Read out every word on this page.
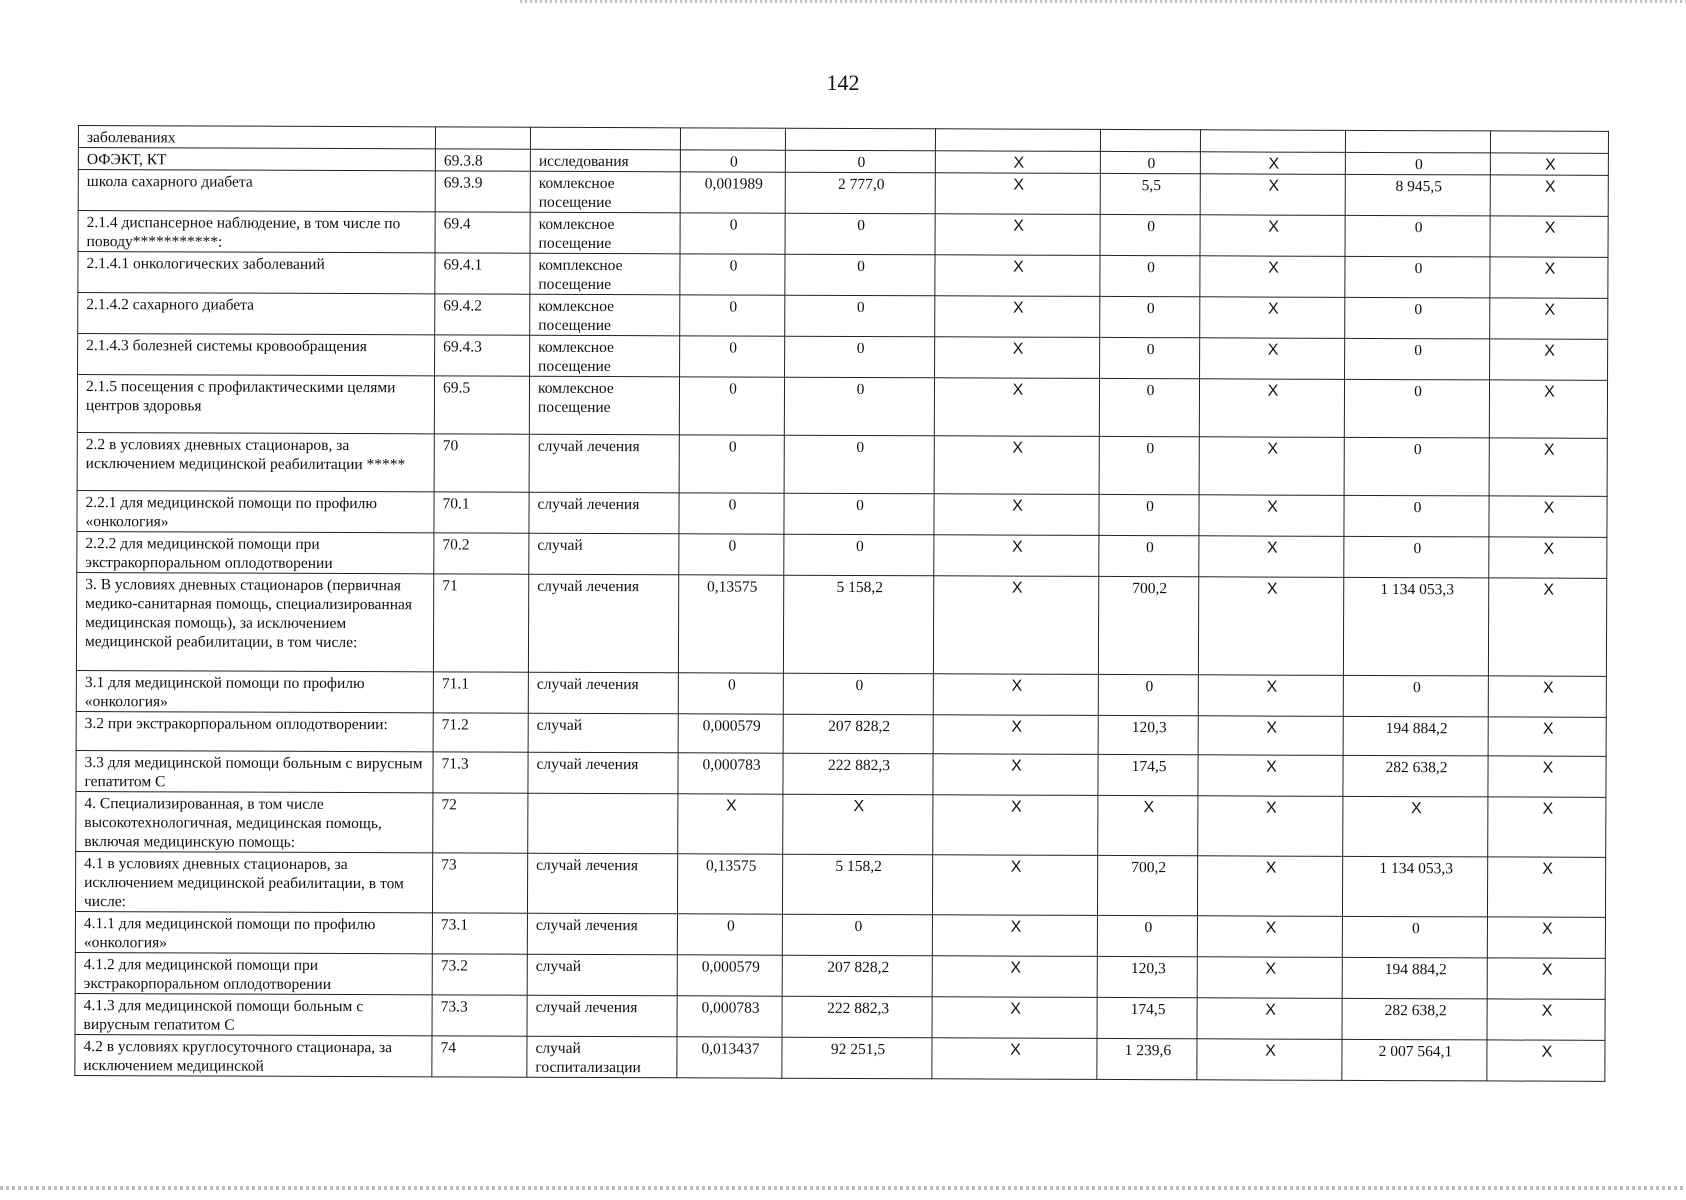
142
заболеваниях									
ОФЭКТ, КТ	69.3.8	исследования	0	0	X	0	X	0	X
школа сахарного диабета	69.3.9	комлексное посещение	0,001989	2 777,0	X	5,5	X	8 945,5	X
2.1.4 диспансерное наблюдение, в том числе по поводу***********:	69.4	комлексное посещение	0	0	X	0	X	0	X
2.1.4.1 онкологических заболеваний	69.4.1	комплексное посещение	0	0	X	0	X	0	X
2.1.4.2 сахарного диабета	69.4.2	комлексное посещение	0	0	X	0	X	0	X
2.1.4.3 болезней системы кровообращения	69.4.3	комлексное посещение	0	0	X	0	X	0	X
2.1.5 посещения с профилактическими целями центров здоровья	69.5	комлексное посещение	0	0	X	0	X	0	X
2.2 в условиях дневных стационаров, за исключением медицинской реабилитации *****	70	случай лечения	0	0	X	0	X	0	X
2.2.1 для медицинской помощи по профилю «онкология»	70.1	случай лечения	0	0	X	0	X	0	X
2.2.2 для медицинской помощи при экстракорпоральном оплодотворении	70.2	случай	0	0	X	0	X	0	X
3. В условиях дневных стационаров (первичная медико-санитарная помощь, специализированная медицинская помощь), за исключением медицинской реабилитации, в том числе:	71	случай лечения	0,13575	5 158,2	X	700,2	X	1 134 053,3	X
3.1 для медицинской помощи по профилю «онкология»	71.1	случай лечения	0	0	X	0	X	0	X
3.2 при экстракорпоральном оплодотворении:	71.2	случай	0,000579	207 828,2	X	120,3	X	194 884,2	X
3.3 для медицинской помощи больным с вирусным гепатитом С	71.3	случай лечения	0,000783	222 882,3	X	174,5	X	282 638,2	X
4. Специализированная, в том числе высокотехнологичная, медицинская помощь, включая медицинскую помощь:	72		X	X	X	X	X	X	X
4.1 в условиях дневных стационаров, за исключением медицинской реабилитации, в том числе:	73	случай лечения	0,13575	5 158,2	X	700,2	X	1 134 053,3	X
4.1.1 для медицинской помощи по профилю «онкология»	73.1	случай лечения	0	0	X	0	X	0	X
4.1.2 для медицинской помощи при экстракорпоральном оплодотворении	73.2	случай	0,000579	207 828,2	X	120,3	X	194 884,2	X
4.1.3 для медицинской помощи больным с вирусным гепатитом С	73.3	случай лечения	0,000783	222 882,3	X	174,5	X	282 638,2	X
4.2 в условиях круглосуточного стационара, за исключением медицинской	74	случай госпитализации	0,013437	92 251,5	X	1 239,6	X	2 007 564,1	X
